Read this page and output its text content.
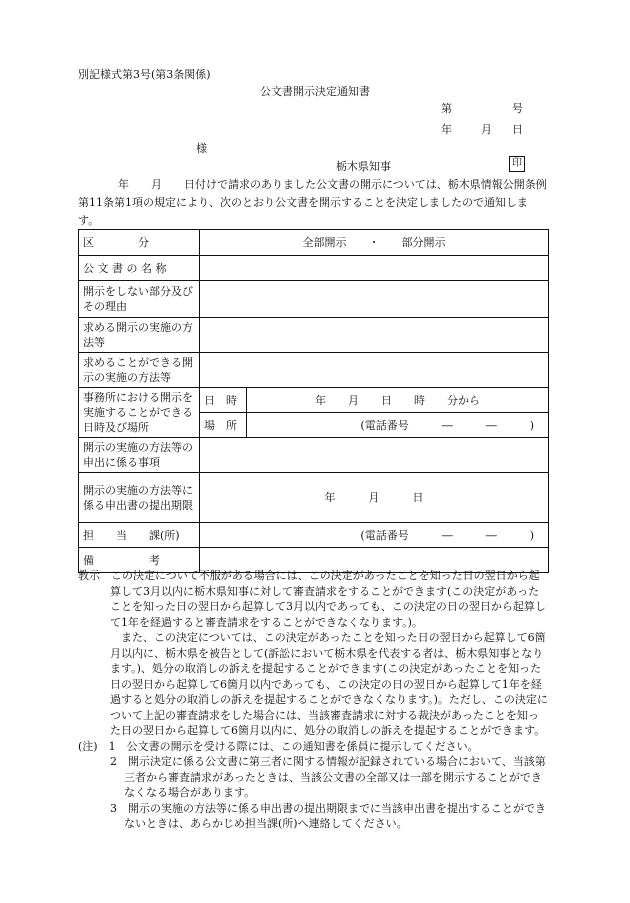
別記様式第3号(第3条関係)
公文書開示決定通知書
第	号
年	月 日
様
栃木県知事	印
年　　月　　日付けで請求のありました公文書の開示については、栃木県情報公開条例第11条第1項の規定により、次のとおり公文書を開示することを決定しましたので通知します。
区　　　　分	全部開示　　・　　部分開示	
公 文 書 の 名 称		
開示をしない部分及びその理由		
求める開示の実施の方法等		
求めることができる開示の実施の方法等		
事務所における開示を実施することができる日時及び場所	日　時	年　　月　　日　　時　　分から
	場　所	(電話番号　　　―　　　―　　　)
開示の実施の方法等の申出に係る事項		
開示の実施の方法等に係る申出書の提出期限	年　　　月　　　日	
担　　当　　課(所)	(電話番号　　　―　　　―　　　)	
備　　　　　考		

教示　 この決定について不服がある場合には、この決定があったことを知った日の翌日から起算して3月以内に栃木県知事に対して審査請求をすることができます(この決定があったことを知った日の翌日から起算して3月以内であっても、この決定の日の翌日から起算して1年を経過すると審査請求をすることができなくなります。)。

　また、この決定については、この決定があったことを知った日の翌日から起算して6箇月以内に、栃木県を被告として(訴訟において栃木県を代表する者は、栃木県知事となります。)、処分の取消しの訴えを提起することができます(この決定があったことを知った日の翌日から起算して6箇月以内であっても、この決定の日の翌日から起算して1年を経過すると処分の取消しの訴えを提起することができなくなります。)。ただし、この決定について上記の審査請求をした場合には、当該審査請求に対する裁決があったことを知った日の翌日から起算して6箇月以内に、処分の取消しの訴えを提起することができます。

(注)　 1　 公文書の開示を受ける際には、この通知書を係員に提示してください。

2　 開示決定に係る公文書に第三者に関する情報が記録されている場合において、当該第三者から審査請求があったときは、当該公文書の全部又は一部を開示することができなくなる場合があります。

3　 開示の実施の方法等に係る申出書の提出期限までに当該申出書を提出することができないときは、あらかじめ担当課(所)へ連絡してください。
